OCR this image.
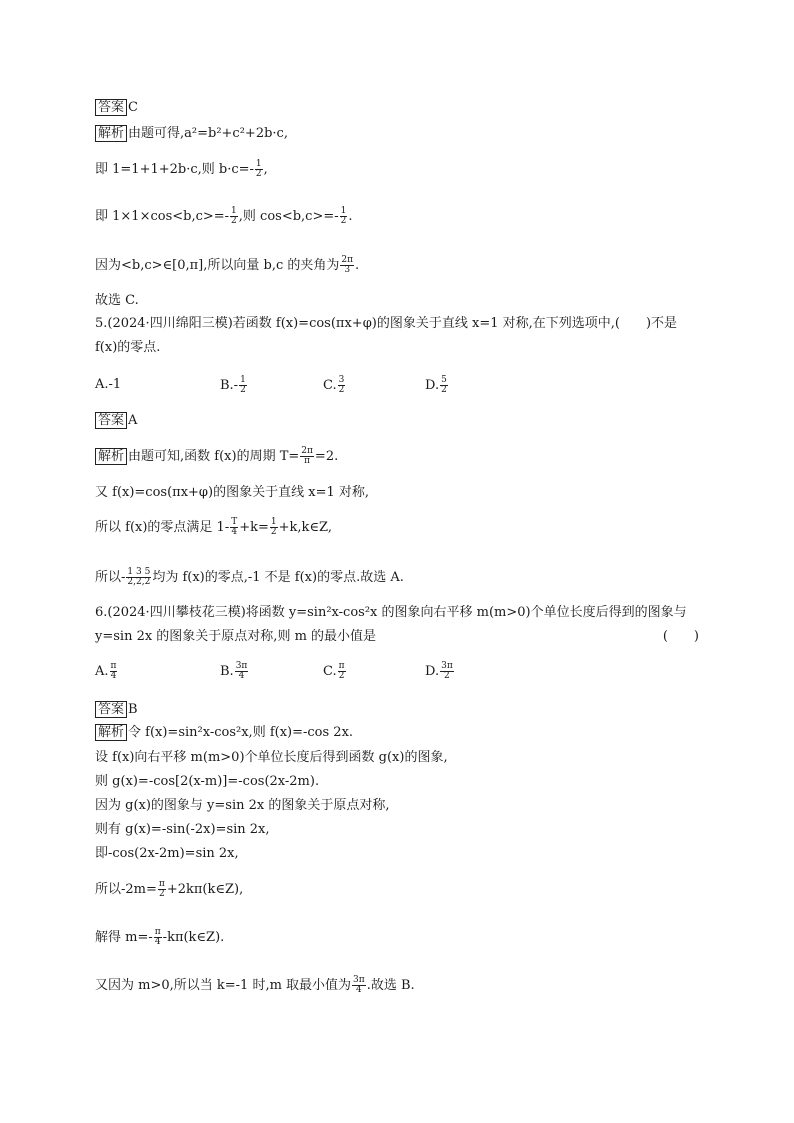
答案 C
解析 由题可得,a²=b²+c²+2b·c,
即 1=1+1+2b·c,则 $b\cdot c=- \frac{1}{2}$ ,
即 $1\times 1\times\cos<b,c>=- \frac{1}{2}$ ,则 $\cos<b,c>=- \frac{1}{2}$ .
因为<b,c>∈[0,π],所以向量 b,c 的夹角为 $\frac{2\pi}{3}$ .
故选 C.
5.(2024·四川绵阳三模)若函数 f(x)=cos(πx+φ)的图象关于直线 x=1 对称,在下列选项中,(　　)不是
f(x)的零点.
A.-1	$B.- \frac{1}{2}$	C. $\frac{3}{2}$	D. $\frac{5}{2}$
答案 A
解析 由题可知,函数 f(x)的周期 $T= \frac{2\pi}{\pi} =2$.
又 f(x)=cos(πx+φ)的图象关于直线 x=1 对称,
所以 f(x)的零点满足 $1- \frac{T}{4} +k= \frac{1}{2}$ +k,k∈Z,
所以- $\frac{1 3 5}{2,2,2}$ 均为 f(x)的零点,-1 不是 f(x)的零点.故选 A.
6.(2024·四川攀枝花三模)将函数 y=sin²x-cos²x 的图象向右平移 m(m>0)个单位长度后得到的图象与
y=sin 2x 的图象关于原点对称,则 m 的最小值是	(　　)
A. $\frac{\pi}{4}$	B. $\frac{3\pi}{4}$	C. $\frac{\pi}{2}$	D. $\frac{3\pi}{2}$
答案 B
解析 令 f(x)=sin²x-cos²x,则 f(x)=-cos 2x.
设 f(x)向右平移 m(m>0)个单位长度后得到函数 g(x)的图象,
则 g(x)=-cos[2(x-m)]=-cos(2x-2m).
因为 g(x)的图象与 y=sin 2x 的图象关于原点对称,
则有 g(x)=-sin(-2x)=sin 2x,
即-cos(2x-2m)=sin 2x,
所以$-2m= \frac{\pi}{2}$ +2kπ(k∈Z),
解得 $m=- \frac{\pi}{4}$ -kπ(k∈Z).
又因为 m>0,所以当 k=-1 时,m 取最小值为 $\frac{3\pi}{4}$ .故选 B.
